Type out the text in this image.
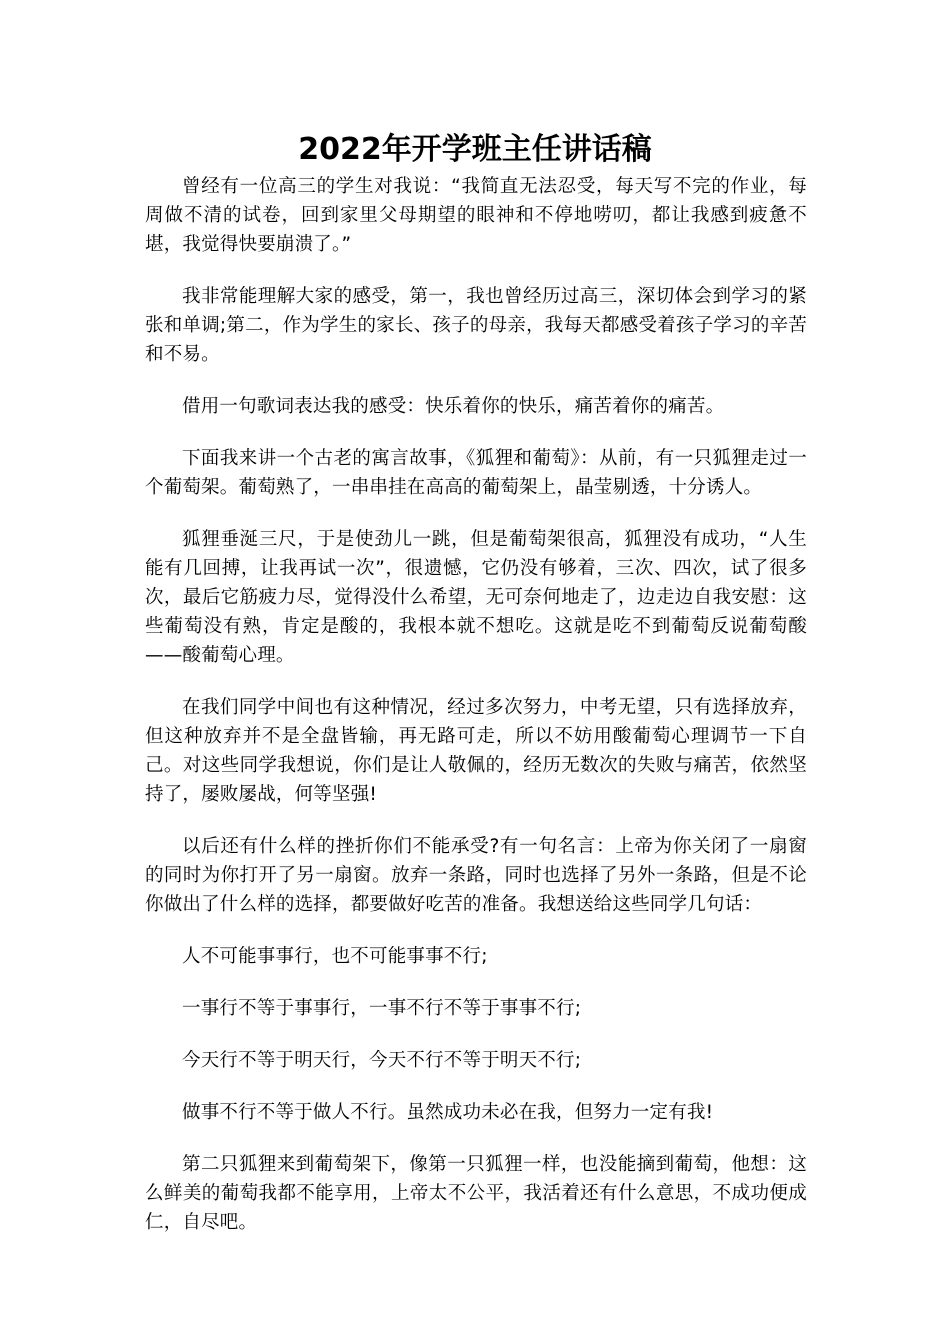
2022年开学班主任讲话稿

曾经有一位高三的学生对我说：“我简直无法忍受，每天写不完的作业，每周做不清的试卷，回到家里父母期望的眼神和不停地唠叨，都让我感到疲惫不堪，我觉得快要崩溃了。”

我非常能理解大家的感受，第一，我也曾经历过高三，深切体会到学习的紧张和单调;第二，作为学生的家长、孩子的母亲，我每天都感受着孩子学习的辛苦和不易。

借用一句歌词表达我的感受：快乐着你的快乐，痛苦着你的痛苦。

下面我来讲一个古老的寓言故事，《狐狸和葡萄》：从前，有一只狐狸走过一个葡萄架。葡萄熟了，一串串挂在高高的葡萄架上，晶莹剔透，十分诱人。

狐狸垂涎三尺，于是使劲儿一跳，但是葡萄架很高，狐狸没有成功，“人生能有几回搏，让我再试一次”，很遗憾，它仍没有够着，三次、四次，试了很多次，最后它筋疲力尽，觉得没什么希望，无可奈何地走了，边走边自我安慰：这些葡萄没有熟，肯定是酸的，我根本就不想吃。这就是吃不到葡萄反说葡萄酸——酸葡萄心理。

在我们同学中间也有这种情况，经过多次努力，中考无望，只有选择放弃，但这种放弃并不是全盘皆输，再无路可走，所以不妨用酸葡萄心理调节一下自己。对这些同学我想说，你们是让人敬佩的，经历无数次的失败与痛苦，依然坚持了，屡败屡战，何等坚强!

以后还有什么样的挫折你们不能承受?有一句名言：上帝为你关闭了一扇窗的同时为你打开了另一扇窗。放弃一条路，同时也选择了另外一条路，但是不论你做出了什么样的选择，都要做好吃苦的准备。我想送给这些同学几句话：

人不可能事事行，也不可能事事不行;

一事行不等于事事行，一事不行不等于事事不行;

今天行不等于明天行，今天不行不等于明天不行;

做事不行不等于做人不行。虽然成功未必在我，但努力一定有我!

第二只狐狸来到葡萄架下，像第一只狐狸一样，也没能摘到葡萄，他想：这么鲜美的葡萄我都不能享用，上帝太不公平，我活着还有什么意思，不成功便成仁，自尽吧。
